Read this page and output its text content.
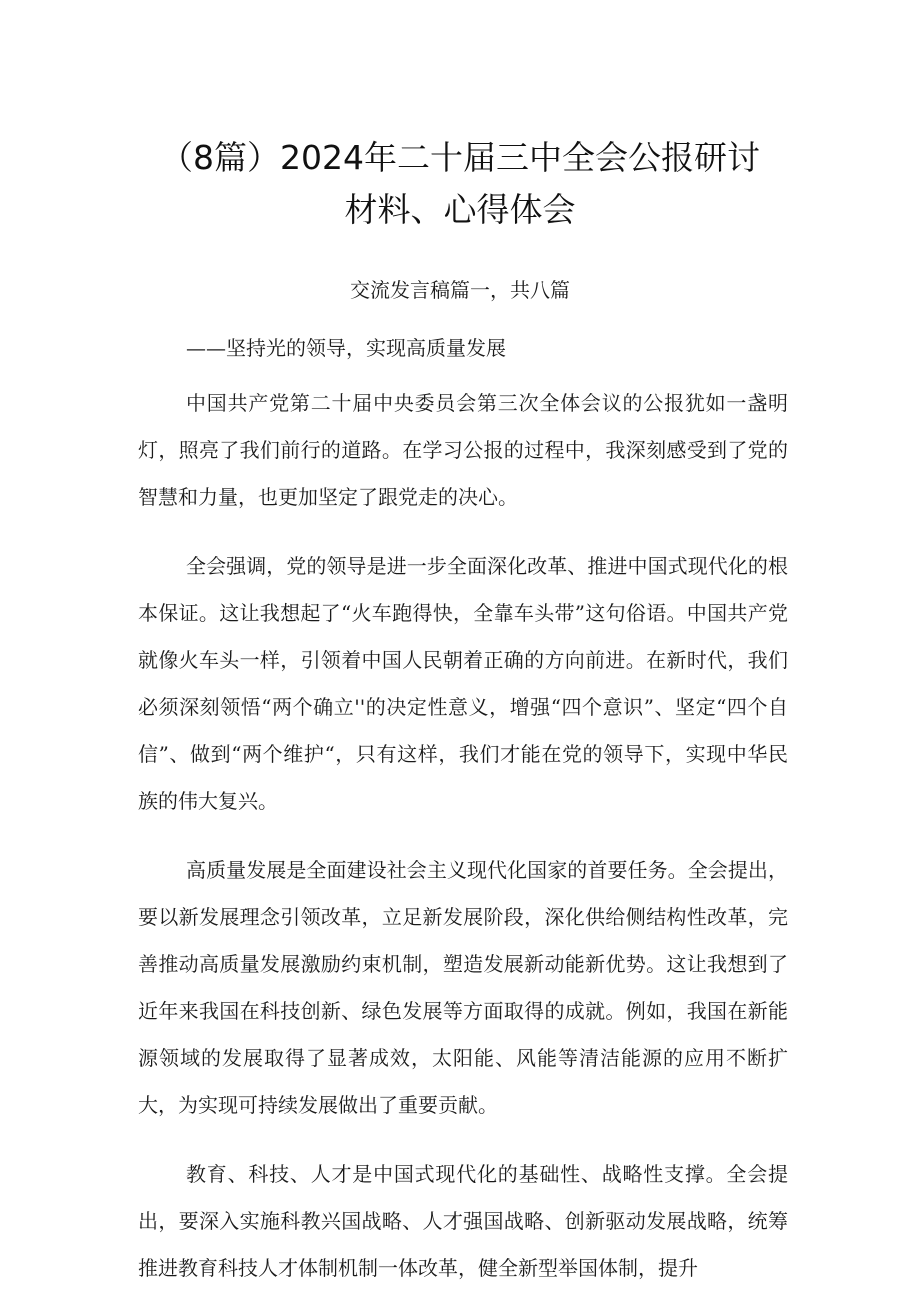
（8篇）2024年二十届三中全会公报研讨
材料、心得体会
交流发言稿篇一，共八篇
——坚持光的领导，实现高质量发展

中国共产党第二十届中央委员会第三次全体会议的公报犹如一盏明灯，照亮了我们前行的道路。在学习公报的过程中，我深刻感受到了党的智慧和力量，也更加坚定了跟党走的决心。

全会强调，党的领导是进一步全面深化改革、推进中国式现代化的根本保证。这让我想起了“火车跑得快，全靠车头带”这句俗语。中国共产党就像火车头一样，引领着中国人民朝着正确的方向前进。在新时代，我们必须深刻领悟“两个确立''的决定性意义，增强“四个意识”、坚定“四个自信”、做到“两个维护“，只有这样，我们才能在党的领导下，实现中华民族的伟大复兴。

高质量发展是全面建设社会主义现代化国家的首要任务。全会提出，要以新发展理念引领改革，立足新发展阶段，深化供给侧结构性改革，完善推动高质量发展激励约束机制，塑造发展新动能新优势。这让我想到了近年来我国在科技创新、绿色发展等方面取得的成就。例如，我国在新能源领域的发展取得了显著成效，太阳能、风能等清洁能源的应用不断扩大，为实现可持续发展做出了重要贡献。

教育、科技、人才是中国式现代化的基础性、战略性支撑。全会提出，要深入实施科教兴国战略、人才强国战略、创新驱动发展战略，统筹推进教育科技人才体制机制一体改革，健全新型举国体制，提升
